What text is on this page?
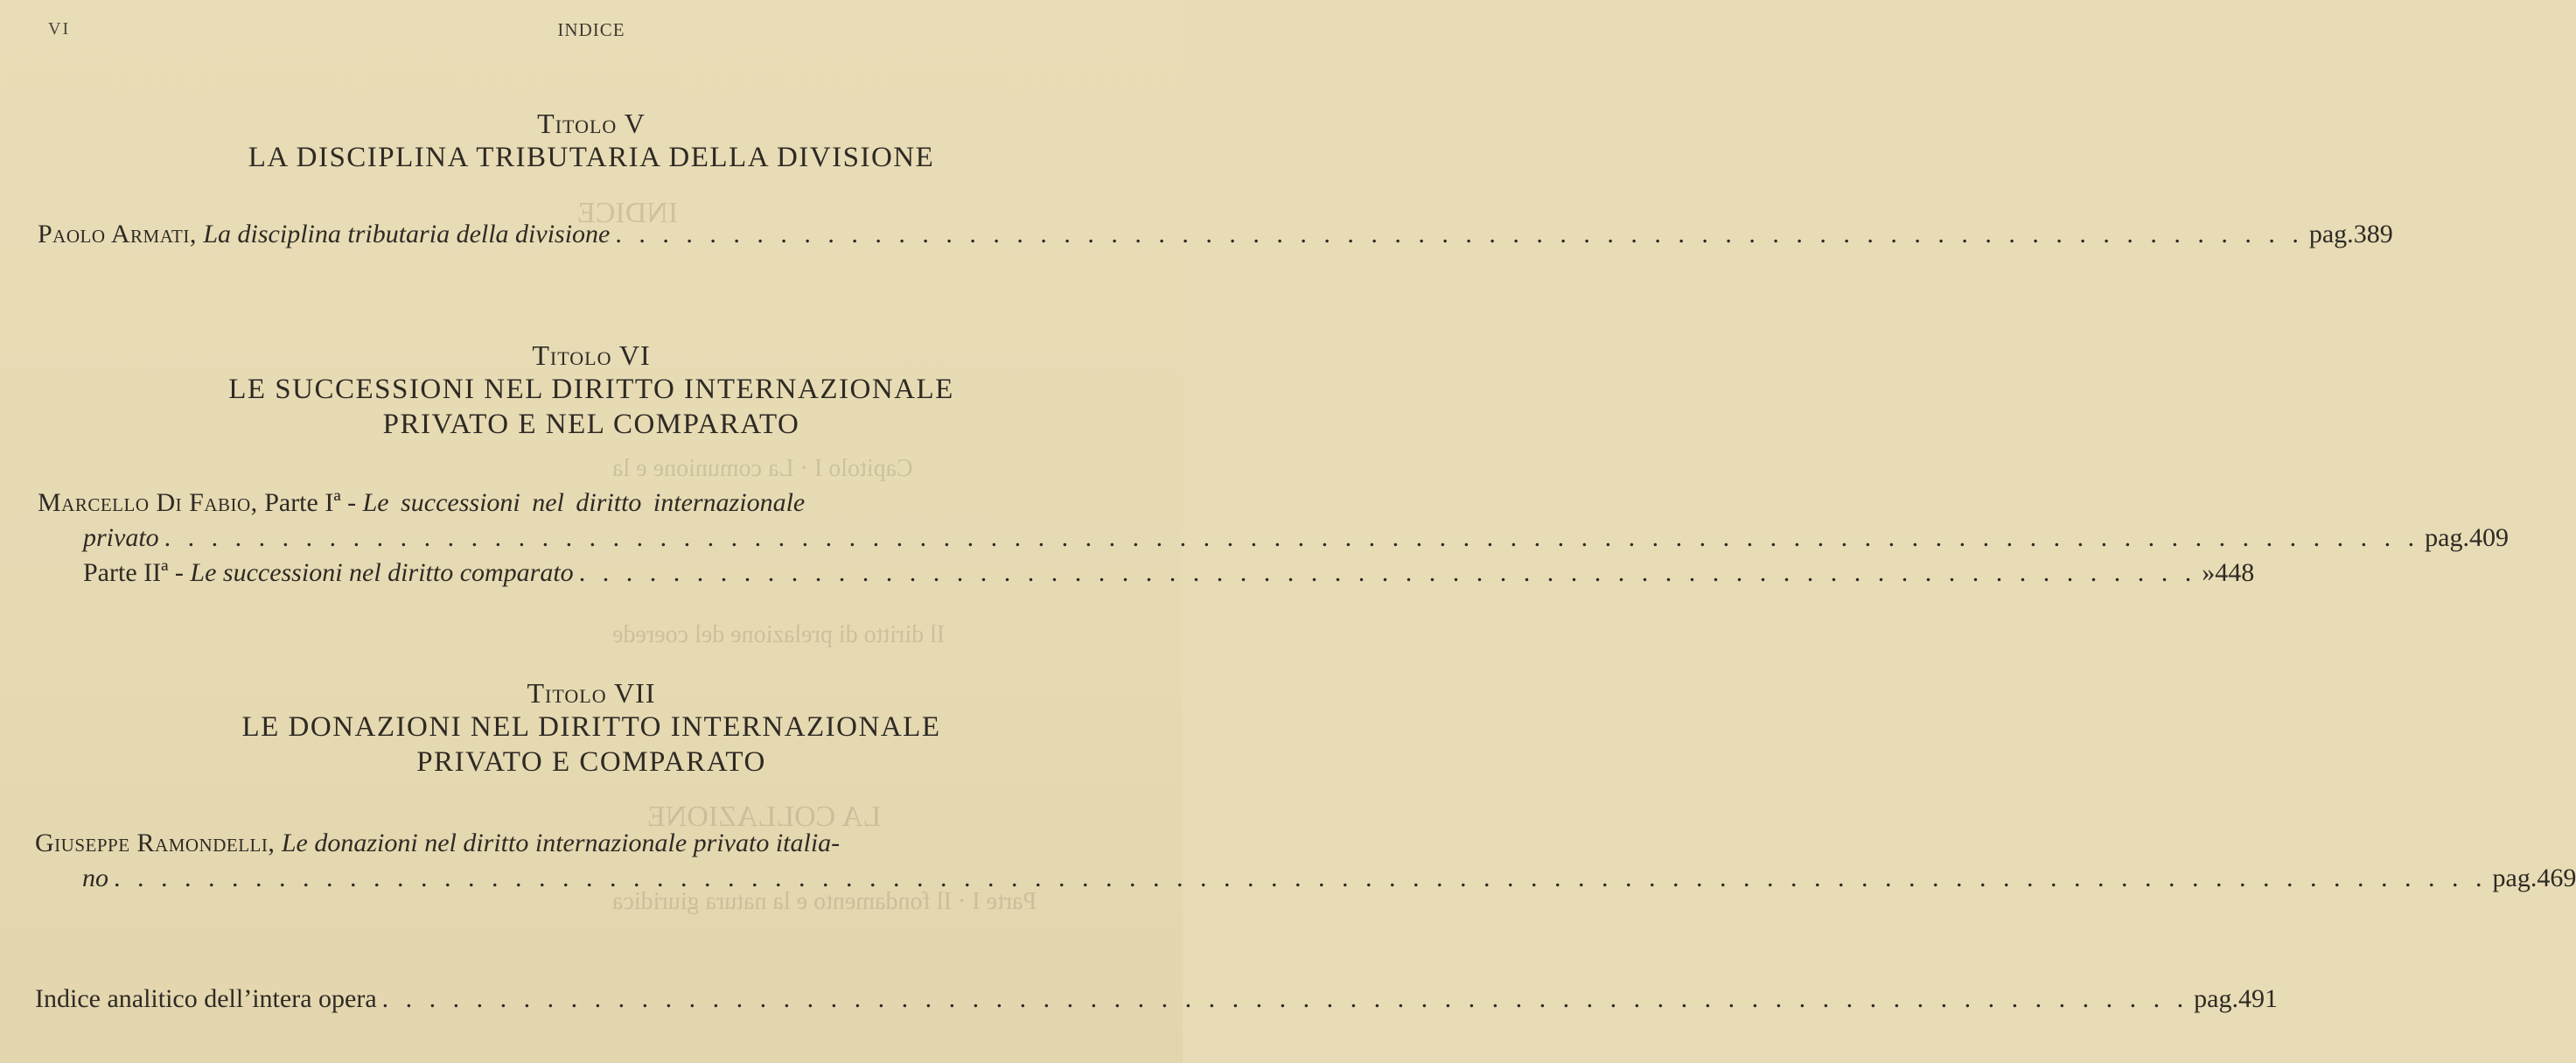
INDICE
Capitolo I · La comunione e la
Il diritto di prelazione del coerede
LA COLLAZIONE
Parte I · Il fondamento e la natura giuridica
VI	INDICE
Titolo V
LA DISCIPLINA TRIBUTARIA DELLA DIVISIONE
Paolo Armati,
La disciplina tributaria della divisione . . . . . . . . . . . . . . . . . . . . . . . . . . . . . . . . . . . . . . . . . . . . . . . . . . . . . . . . . . . . . . . . . . . . . . . . pag. 389
Titolo VI
LE SUCCESSIONI NEL DIRITTO INTERNAZIONALE
PRIVATO E NEL COMPARATO
Marcello Di Fabio,
Parte Iª -
Le successioni nel diritto internazionale
privato . . . . . . . . . . . . . . . . . . . . . . . . . . . . . . . . . . . . . . . . . . . . . . . . . . . . . . . . . . . . . . . . . . . . . . . . . . . . . . . . . . . . . . . . . . . . . . . . pag. 409
Parte IIª -
Le successioni nel diritto comparato . . . . . . . . . . . . . . . . . . . . . . . . . . . . . . . . . . . . . . . . . . . . . . . . . . . . . . . . . . . . . . . . . . . . . » 448
Titolo VII
LE DONAZIONI NEL DIRITTO INTERNAZIONALE
PRIVATO E COMPARATO
Giuseppe Ramondelli,
Le donazioni nel diritto internazionale privato italia-
no . . . . . . . . . . . . . . . . . . . . . . . . . . . . . . . . . . . . . . . . . . . . . . . . . . . . . . . . . . . . . . . . . . . . . . . . . . . . . . . . . . . . . . . . . . . . . . . . . . . . . pag. 469
Indice analitico dell’intera opera . . . . . . . . . . . . . . . . . . . . . . . . . . . . . . . . . . . . . . . . . . . . . . . . . . . . . . . . . . . . . . . . . . . . . . . . . . . . . pag. 491
